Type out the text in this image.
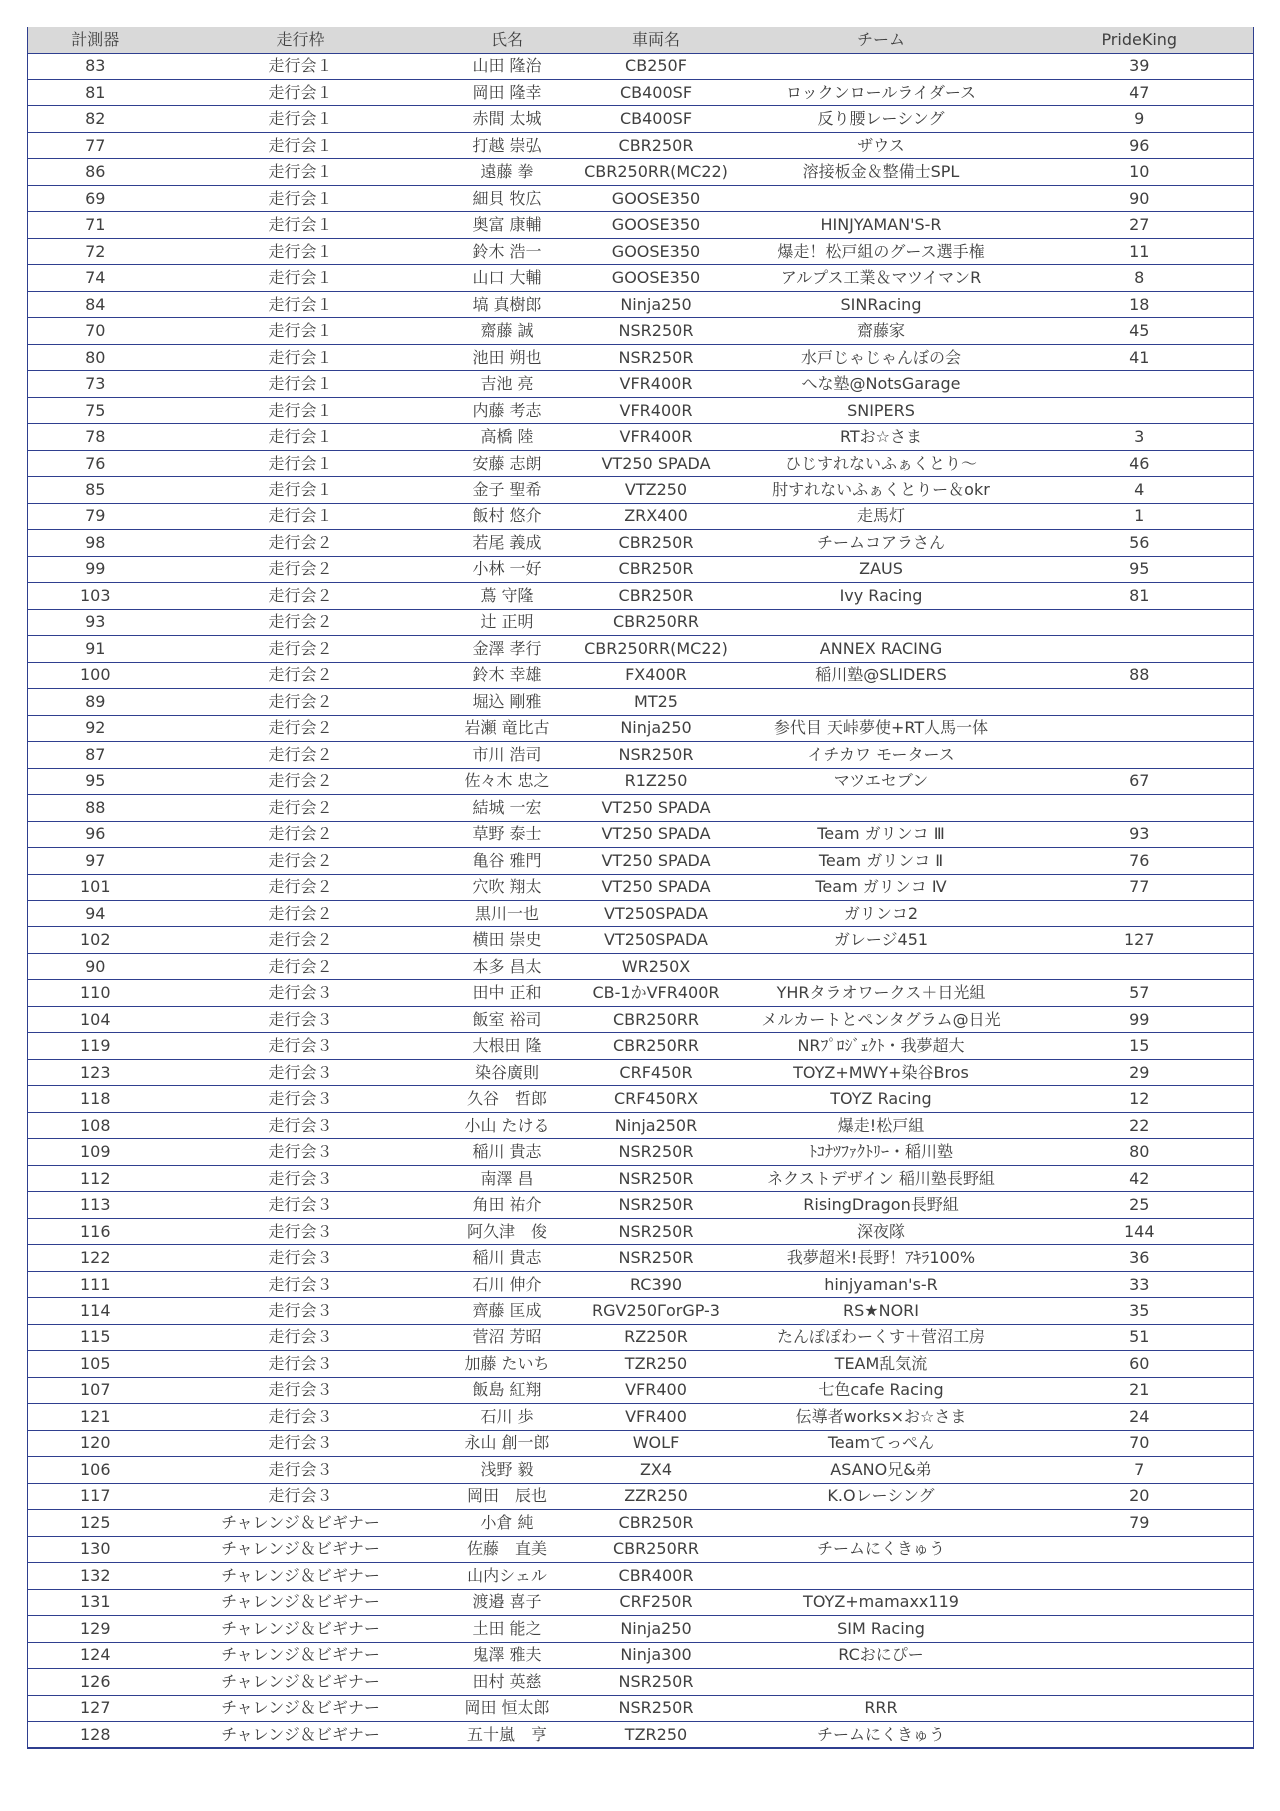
計測器	走行枠	氏名	車両名	チーム	PrideKing
83	走行会１	山田 隆治	CB250F		39
81	走行会１	岡田 隆幸	CB400SF	ロックンロールライダース	47
82	走行会１	赤間 太城	CB400SF	反り腰レーシング	9
77	走行会１	打越 崇弘	CBR250R	ザウス	96
86	走行会１	遠藤 拳	CBR250RR(MC22)	溶接板金＆整備士SPL	10
69	走行会１	細貝 牧広	GOOSE350		90
71	走行会１	奥富 康輔	GOOSE350	HINJYAMAN'S-R	27
72	走行会１	鈴木 浩一	GOOSE350	爆走！松戸組のグース選手権	11
74	走行会１	山口 大輔	GOOSE350	アルプス工業＆マツイマンR	8
84	走行会１	塙 真樹郎	Ninja250	SINRacing	18
70	走行会１	齋藤 誠	NSR250R	齋藤家	45
80	走行会１	池田 朔也	NSR250R	水戸じゃじゃんぼの会	41
73	走行会１	吉池 亮	VFR400R	へな塾@NotsGarage	
75	走行会１	内藤 考志	VFR400R	SNIPERS	
78	走行会１	高橋 陸	VFR400R	RTお☆さま	3
76	走行会１	安藤 志朗	VT250 SPADA	ひじすれないふぁくとり〜	46
85	走行会１	金子 聖希	VTZ250	肘すれないふぁくとりー＆okr	4
79	走行会１	飯村 悠介	ZRX400	走馬灯	1
98	走行会２	若尾 義成	CBR250R	チームコアラさん	56
99	走行会２	小林 一好	CBR250R	ZAUS	95
103	走行会２	蔦 守隆	CBR250R	Ivy Racing	81
93	走行会２	辻 正明	CBR250RR		
91	走行会２	金澤 孝行	CBR250RR(MC22)	ANNEX RACING	
100	走行会２	鈴木 幸雄	FX400R	稲川塾@SLIDERS	88
89	走行会２	堀込 剛雅	MT25		
92	走行会２	岩瀬 竜比古	Ninja250	参代目 天峠夢使+RT人馬一体	
87	走行会２	市川 浩司	NSR250R	イチカワ モータース	
95	走行会２	佐々木 忠之	R1Z250	マツエセブン	67
88	走行会２	結城 一宏	VT250 SPADA		
96	走行会２	草野 泰士	VT250 SPADA	Team ガリンコ Ⅲ	93
97	走行会２	亀谷 雅門	VT250 SPADA	Team ガリンコ Ⅱ	76
101	走行会２	穴吹 翔太	VT250 SPADA	Team ガリンコ Ⅳ	77
94	走行会２	黒川一也	VT250SPADA	ガリンコ2	
102	走行会２	横田 崇史	VT250SPADA	ガレージ451	127
90	走行会２	本多 昌太	WR250X		
110	走行会３	田中 正和	CB-1かVFR400R	YHRタラオワークス＋日光組	57
104	走行会３	飯室 裕司	CBR250RR	メルカートとペンタグラム@日光	99
119	走行会３	大根田 隆	CBR250RR	NRﾌﾟﾛｼﾞｪｸﾄ・我夢超大	15
123	走行会３	染谷廣則	CRF450R	TOYZ+MWY+染谷Bros	29
118	走行会３	久谷　哲郎	CRF450RX	TOYZ Racing	12
108	走行会３	小山 たける	Ninja250R	爆走!松戸組	22
109	走行会３	稲川 貴志	NSR250R	ﾄｺﾅﾂﾌｧｸﾄﾘｰ・稲川塾	80
112	走行会３	南澤 昌	NSR250R	ネクストデザイン 稲川塾長野組	42
113	走行会３	角田 祐介	NSR250R	RisingDragon長野組	25
116	走行会３	阿久津　俊	NSR250R	深夜隊	144
122	走行会３	稲川 貴志	NSR250R	我夢超米!長野！ｱｷﾗ100%	36
111	走行会３	石川 伸介	RC390	hinjyaman's-R	33
114	走行会３	齊藤 匡成	RGV250ΓorGP-3	RS★NORI	35
115	走行会３	菅沼 芳昭	RZ250R	たんぽぽわーくす＋菅沼工房	51
105	走行会３	加藤 たいち	TZR250	TEAM乱気流	60
107	走行会３	飯島 紅翔	VFR400	七色cafe Racing	21
121	走行会３	石川 歩	VFR400	伝導者works×お☆さま	24
120	走行会３	永山 創一郎	WOLF	Teamてっぺん	70
106	走行会３	浅野 毅	ZX4	ASANO兄&弟	7
117	走行会３	岡田　辰也	ZZR250	K.Oレーシング	20
125	チャレンジ＆ビギナー	小倉 純	CBR250R		79
130	チャレンジ＆ビギナー	佐藤　直美	CBR250RR	チームにくきゅう	
132	チャレンジ＆ビギナー	山内シェル	CBR400R		
131	チャレンジ＆ビギナー	渡邉 喜子	CRF250R	TOYZ+mamaxx119	
129	チャレンジ＆ビギナー	土田 能之	Ninja250	SIM Racing	
124	チャレンジ＆ビギナー	鬼澤 雅夫	Ninja300	RCおにぴー	
126	チャレンジ＆ビギナー	田村 英慈	NSR250R		
127	チャレンジ＆ビギナー	岡田 恒太郎	NSR250R	RRR	
128	チャレンジ＆ビギナー	五十嵐　亨	TZR250	チームにくきゅう	
